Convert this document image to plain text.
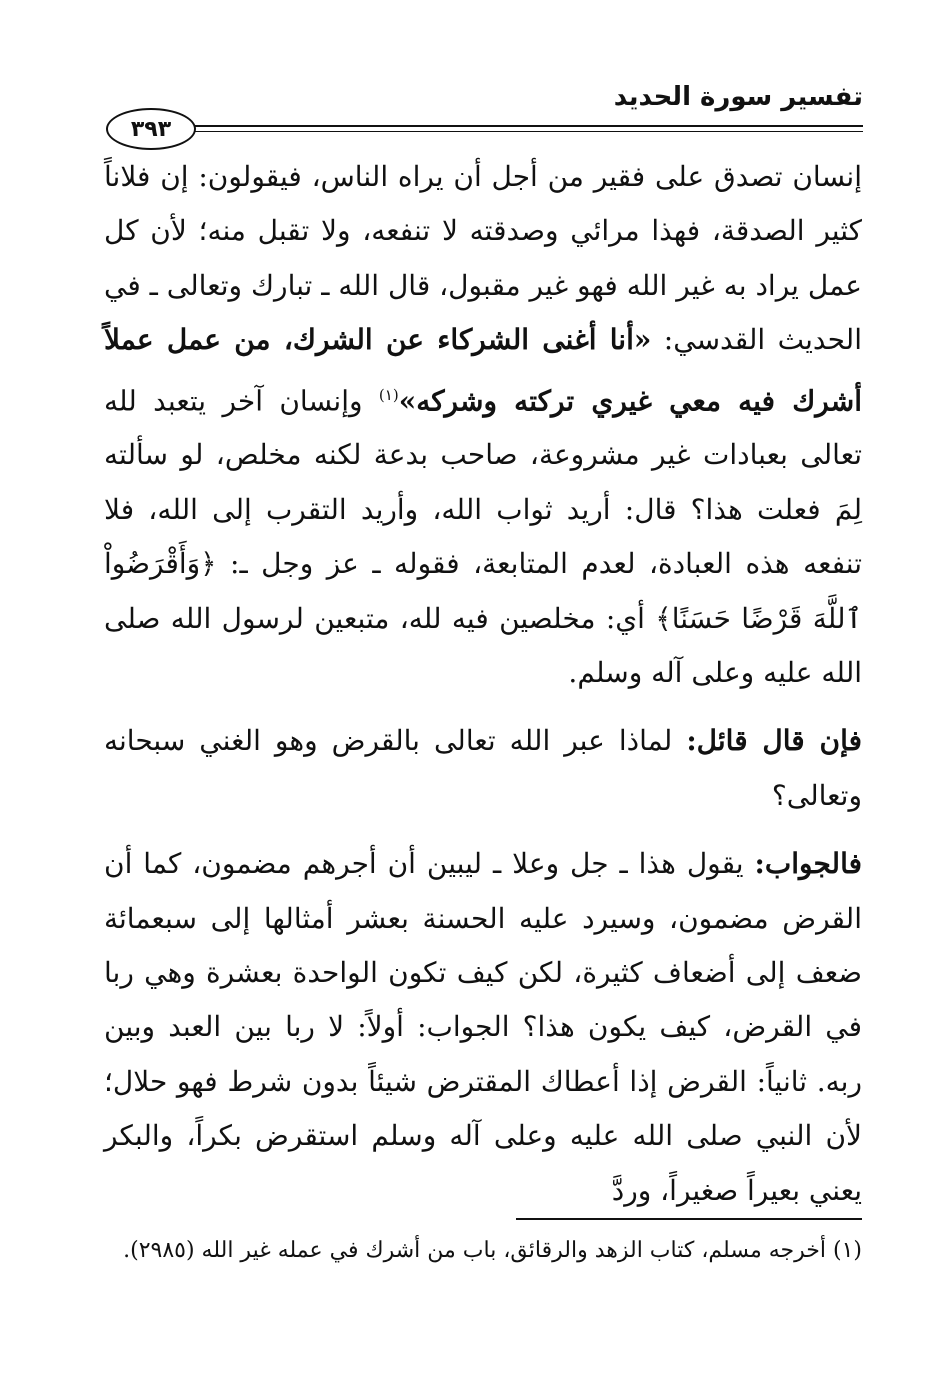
تفسير سورة الحديد
٣٩٣

إنسان تصدق على فقير من أجل أن يراه الناس، فيقولون: إن فلاناً كثير الصدقة، فهذا مرائي وصدقته لا تنفعه، ولا تقبل منه؛ لأن كل عمل يراد به غير الله فهو غير مقبول، قال الله ـ تبارك وتعالى ـ في الحديث القدسي: «أنا أغنى الشركاء عن الشرك، من عمل عملاً أشرك فيه معي غيري تركته وشركه»$^{(١)}$ وإنسان آخر يتعبد لله تعالى بعبادات غير مشروعة، صاحب بدعة لكنه مخلص، لو سألته لِمَ فعلت هذا؟ قال: أريد ثواب الله، وأريد التقرب إلى الله، فلا تنفعه هذه العبادة، لعدم المتابعة، فقوله ـ عز وجل ـ: ﴿وَأَقْرَضُواْ ٱللَّهَ قَرْضًا حَسَنًا﴾ أي: مخلصين فيه لله، متبعين لرسول الله صلى الله عليه وعلى آله وسلم.

فإن قال قائل: لماذا عبر الله تعالى بالقرض وهو الغني سبحانه وتعالى؟

فالجواب: يقول هذا ـ جل وعلا ـ ليبين أن أجرهم مضمون، كما أن القرض مضمون، وسيرد عليه الحسنة بعشر أمثالها إلى سبعمائة ضعف إلى أضعاف كثيرة، لكن كيف تكون الواحدة بعشرة وهي ربا في القرض، كيف يكون هذا؟ الجواب: أولاً: لا ربا بين العبد وبين ربه. ثانياً: القرض إذا أعطاك المقترض شيئاً بدون شرط فهو حلال؛ لأن النبي صلى الله عليه وعلى آله وسلم استقرض بكراً، والبكر يعني بعيراً صغيراً، وردَّ

(١) أخرجه مسلم، كتاب الزهد والرقائق، باب من أشرك في عمله غير الله (٢٩٨٥).
